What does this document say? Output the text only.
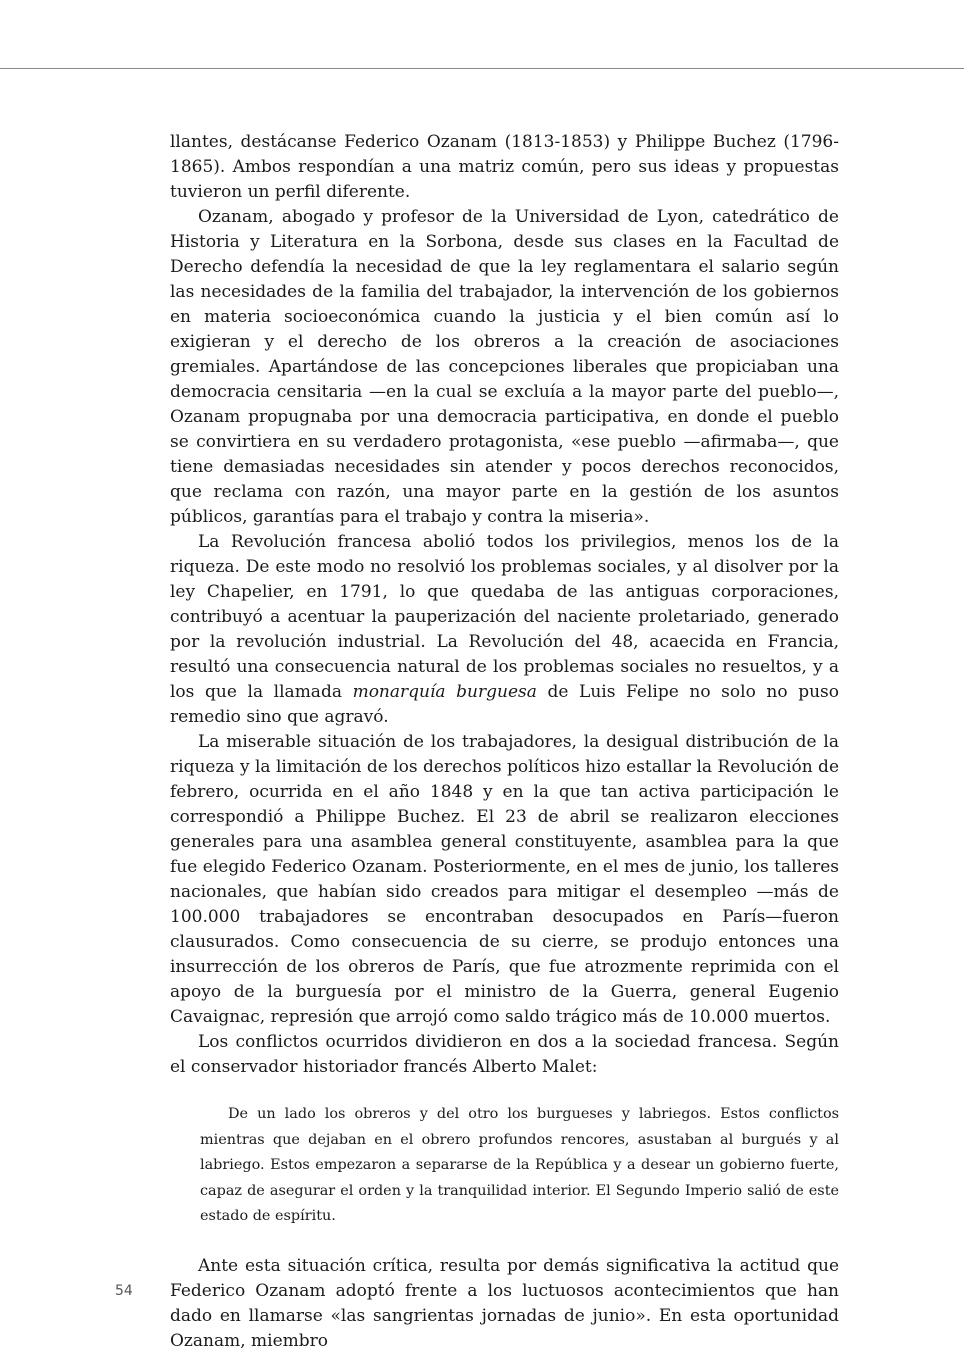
llantes, destácanse Federico Ozanam (1813-1853) y Philippe Buchez (1796-1865). Ambos respondían a una matriz común, pero sus ideas y propuestas tuvieron un perfil diferente.

Ozanam, abogado y profesor de la Universidad de Lyon, catedrático de Historia y Literatura en la Sorbona, desde sus clases en la Facultad de Derecho defendía la necesidad de que la ley reglamentara el salario según las necesidades de la familia del trabajador, la intervención de los gobiernos en materia socioeconómica cuando la justicia y el bien común así lo exigieran y el derecho de los obreros a la creación de asociaciones gremiales. Apartándose de las concepciones liberales que propiciaban una democracia censitaria —en la cual se excluía a la mayor parte del pueblo—, Ozanam propugnaba por una democracia participativa, en donde el pueblo se convirtiera en su verdadero protagonista, «ese pueblo —afirmaba—, que tiene demasiadas necesidades sin atender y pocos derechos reconocidos, que reclama con razón, una mayor parte en la gestión de los asuntos públicos, garantías para el trabajo y contra la miseria».

La Revolución francesa abolió todos los privilegios, menos los de la riqueza. De este modo no resolvió los problemas sociales, y al disolver por la ley Chapelier, en 1791, lo que quedaba de las antiguas corporaciones, contribuyó a acentuar la pauperización del naciente proletariado, generado por la revolución industrial. La Revolución del 48, acaecida en Francia, resultó una consecuencia natural de los problemas sociales no resueltos, y a los que la llamada monarquía burguesa de Luis Felipe no solo no puso remedio sino que agravó.

La miserable situación de los trabajadores, la desigual distribución de la riqueza y la limitación de los derechos políticos hizo estallar la Revolución de febrero, ocurrida en el año 1848 y en la que tan activa participación le correspondió a Philippe Buchez. El 23 de abril se realizaron elecciones generales para una asamblea general constituyente, asamblea para la que fue elegido Federico Ozanam. Posteriormente, en el mes de junio, los talleres nacionales, que habían sido creados para mitigar el desempleo —más de 100.000 trabajadores se encontraban desocupados en París—fueron clausurados. Como consecuencia de su cierre, se produjo entonces una insurrección de los obreros de París, que fue atrozmente reprimida con el apoyo de la burguesía por el ministro de la Guerra, general Eugenio Cavaignac, represión que arrojó como saldo trágico más de 10.000 muertos.

Los conflictos ocurridos dividieron en dos a la sociedad francesa. Según el conservador historiador francés Alberto Malet:

De un lado los obreros y del otro los burgueses y labriegos. Estos conflictos mientras que dejaban en el obrero profundos rencores, asustaban al burgués y al labriego. Estos empezaron a separarse de la República y a desear un gobierno fuerte, capaz de asegurar el orden y la tranquilidad interior. El Segundo Imperio salió de este estado de espíritu.

Ante esta situación crítica, resulta por demás significativa la actitud que Federico Ozanam adoptó frente a los luctuosos acontecimientos que han dado en llamarse «las sangrientas jornadas de junio». En esta oportunidad Ozanam, miembro

54
